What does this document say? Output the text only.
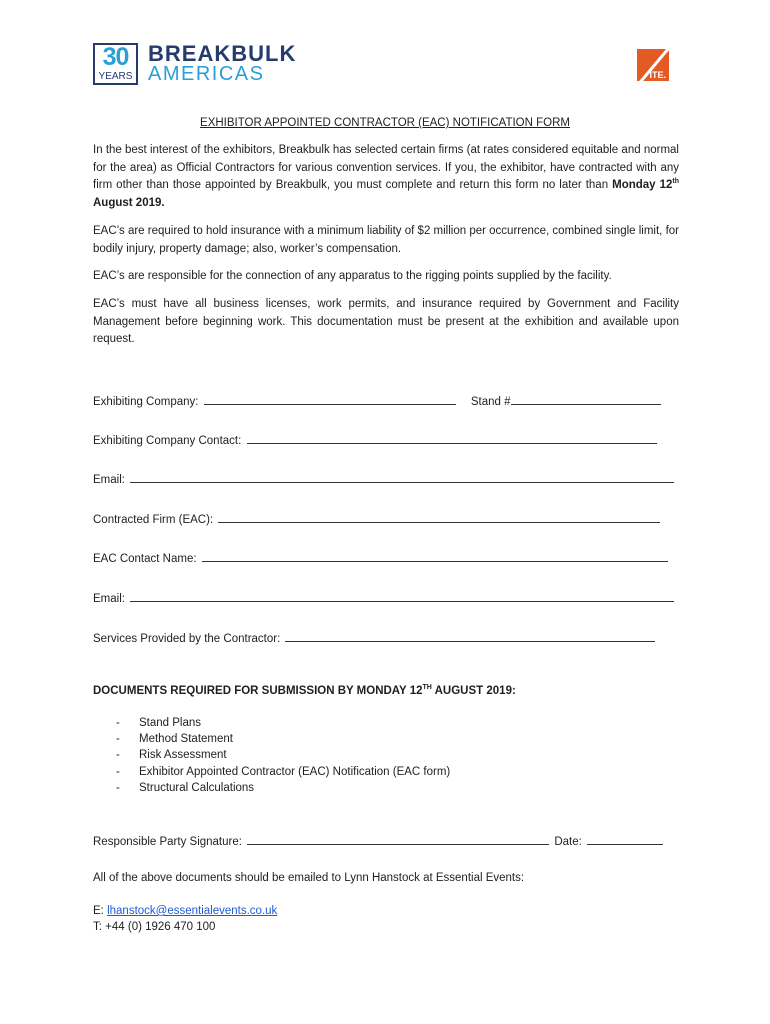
30
YEARS
BREAKBULK
AMERICAS	ITE.
EXHIBITOR APPOINTED CONTRACTOR (EAC) NOTIFICATION FORM

In the best interest of the exhibitors, Breakbulk has selected certain firms (at rates considered equitable and normal for the area) as Official Contractors for various convention services. If you, the exhibitor, have contracted with any firm other than those appointed by Breakbulk, you must complete and return this form no later than Monday 12th August 2019.

EAC’s are required to hold insurance with a minimum liability of $2 million per occurrence, combined single limit, for bodily injury, property damage; also, worker’s compensation.

EAC’s are responsible for the connection of any apparatus to the rigging points supplied by the facility.

EAC’s must have all business licenses, work permits, and insurance required by Government and Facility Management before beginning work. This documentation must be present at the exhibition and available upon request.

Exhibiting Company:	Stand #
Exhibiting Company Contact:
Email:
Contracted Firm (EAC):
EAC Contact Name:
Email:
Services Provided by the Contractor:
DOCUMENTS REQUIRED FOR SUBMISSION BY MONDAY 12TH AUGUST 2019:
- Stand Plans
- Method Statement
- Risk Assessment
- Exhibitor Appointed Contractor (EAC) Notification (EAC form)
- Structural Calculations
Responsible Party Signature:	Date:
All of the above documents should be emailed to Lynn Hanstock at Essential Events:
E: lhanstock@essentialevents.co.uk
T: +44 (0) 1926 470 100
